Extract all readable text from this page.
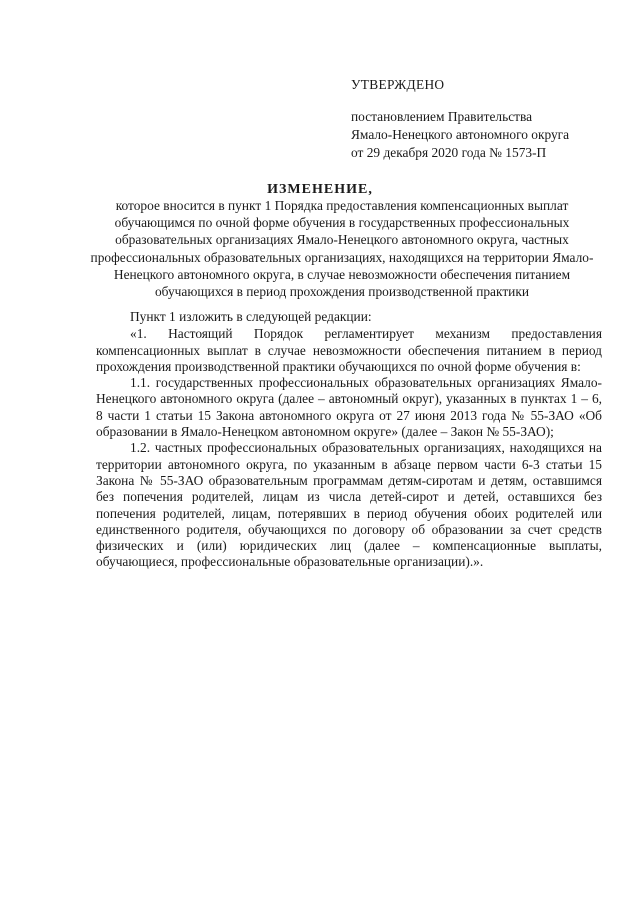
УТВЕРЖДЕНО
постановлением Правительства
Ямало-Ненецкого автономного округа
от 29 декабря 2020 года № 1573-П
ИЗМЕНЕНИЕ,
которое вносится в пункт 1 Порядка предоставления компенсационных выплат обучающимся по очной форме обучения в государственных профессиональных образовательных организациях Ямало-Ненецкого автономного округа, частных профессиональных образовательных организациях, находящихся на территории Ямало-Ненецкого автономного округа, в случае невозможности обеспечения питанием обучающихся в период прохождения производственной практики

Пункт 1 изложить в следующей редакции:

«1. Настоящий Порядок регламентирует механизм предоставления компенсационных выплат в случае невозможности обеспечения питанием в период прохождения производственной практики обучающихся по очной форме обучения в:

1.1. государственных профессиональных образовательных организациях Ямало-Ненецкого автономного округа (далее – автономный округ), указанных в пунктах 1 – 6, 8 части 1 статьи 15 Закона автономного округа от 27 июня 2013 года № 55-ЗАО «Об образовании в Ямало-Ненецком автономном округе» (далее – Закон № 55-ЗАО);

1.2. частных профессиональных образовательных организациях, находящихся на территории автономного округа, по указанным в абзаце первом части 6-3 статьи 15 Закона № 55-ЗАО образовательным программам детям-сиротам и детям, оставшимся без попечения родителей, лицам из числа детей-сирот и детей, оставшихся без попечения родителей, лицам, потерявших в период обучения обоих родителей или единственного родителя, обучающихся по договору об образовании за счет средств физических и (или) юридических лиц (далее – компенсационные выплаты, обучающиеся, профессиональные образовательные организации).».
